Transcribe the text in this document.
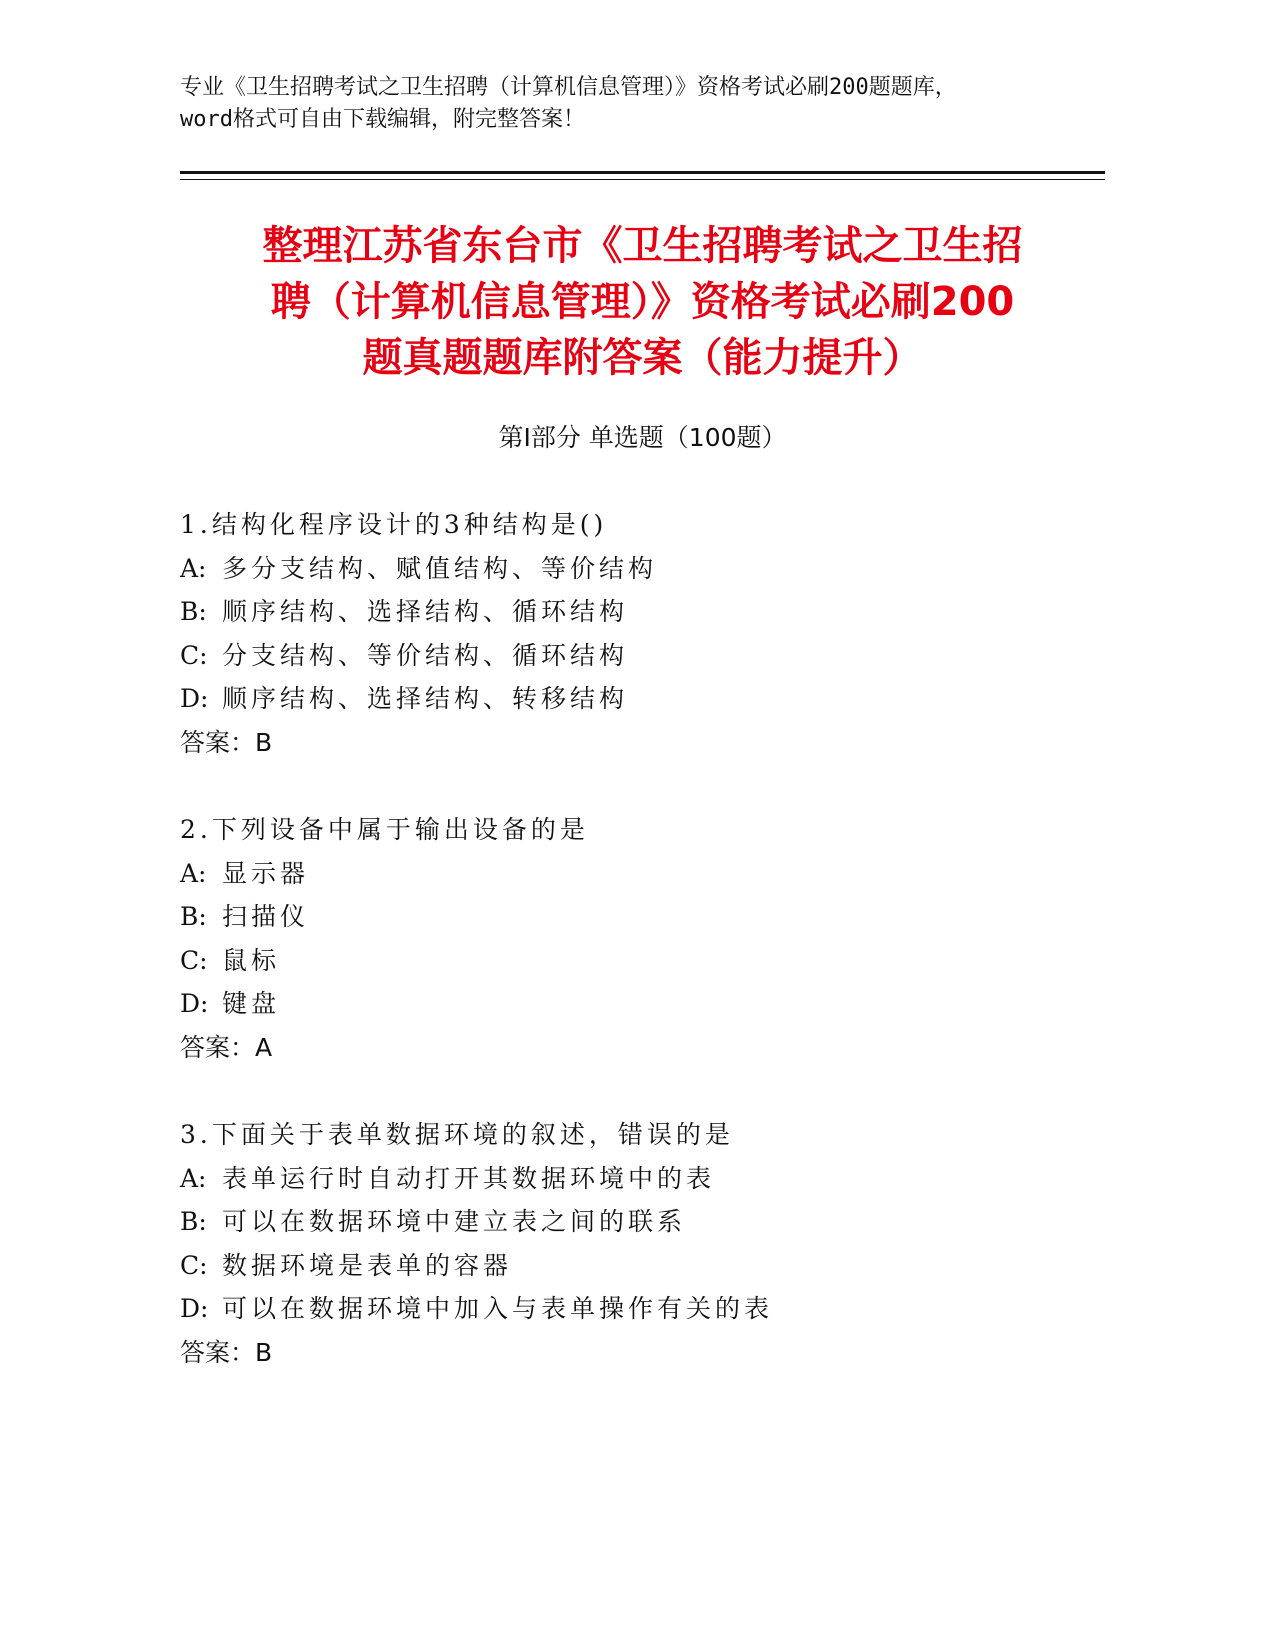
专业《卫生招聘考试之卫生招聘（计算机信息管理）》资格考试必刷200题题库，
word格式可自由下载编辑，附完整答案！
整理江苏省东台市《卫生招聘考试之卫生招
聘（计算机信息管理）》资格考试必刷200
题真题题库附答案（能力提升）
第Ⅰ部分 单选题（100题）
1.结构化程序设计的3种结构是()
A: 多分支结构、赋值结构、等价结构
B: 顺序结构、选择结构、循环结构
C: 分支结构、等价结构、循环结构
D: 顺序结构、选择结构、转移结构
答案：B
2.下列设备中属于输出设备的是
A: 显示器
B: 扫描仪
C: 鼠标
D: 键盘
答案：A
3.下面关于表单数据环境的叙述，错误的是
A: 表单运行时自动打开其数据环境中的表
B: 可以在数据环境中建立表之间的联系
C: 数据环境是表单的容器
D: 可以在数据环境中加入与表单操作有关的表
答案：B
